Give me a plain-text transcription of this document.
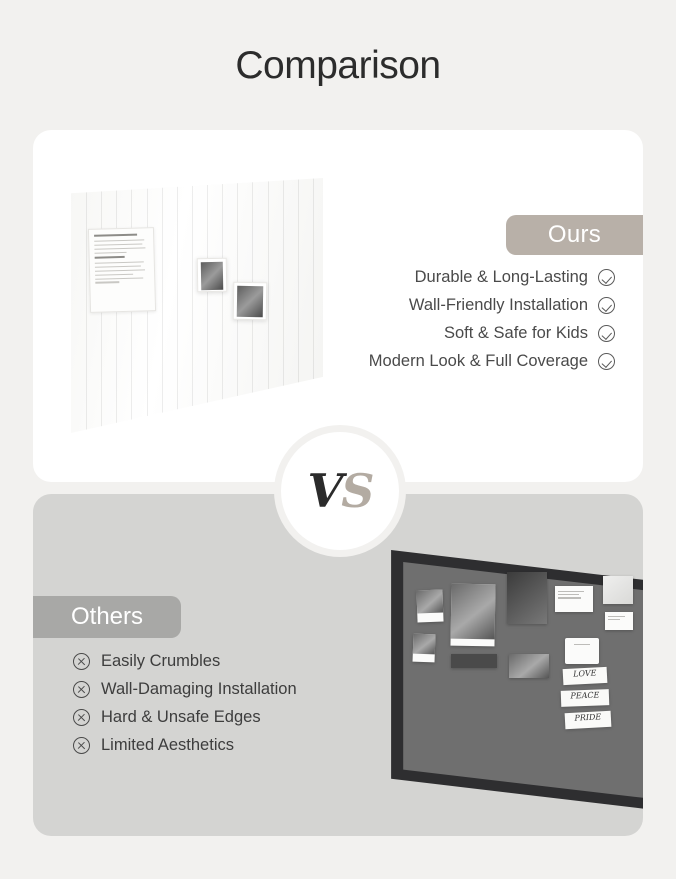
Comparison
Ours
Durable & Long-Lasting
Wall-Friendly Installation
Soft & Safe for Kids
Modern Look & Full Coverage
VS
Others
Easily Crumbles
Wall-Damaging Installation
Hard & Unsafe Edges
Limited Aesthetics
LOVE
PEACE
PRIDE
